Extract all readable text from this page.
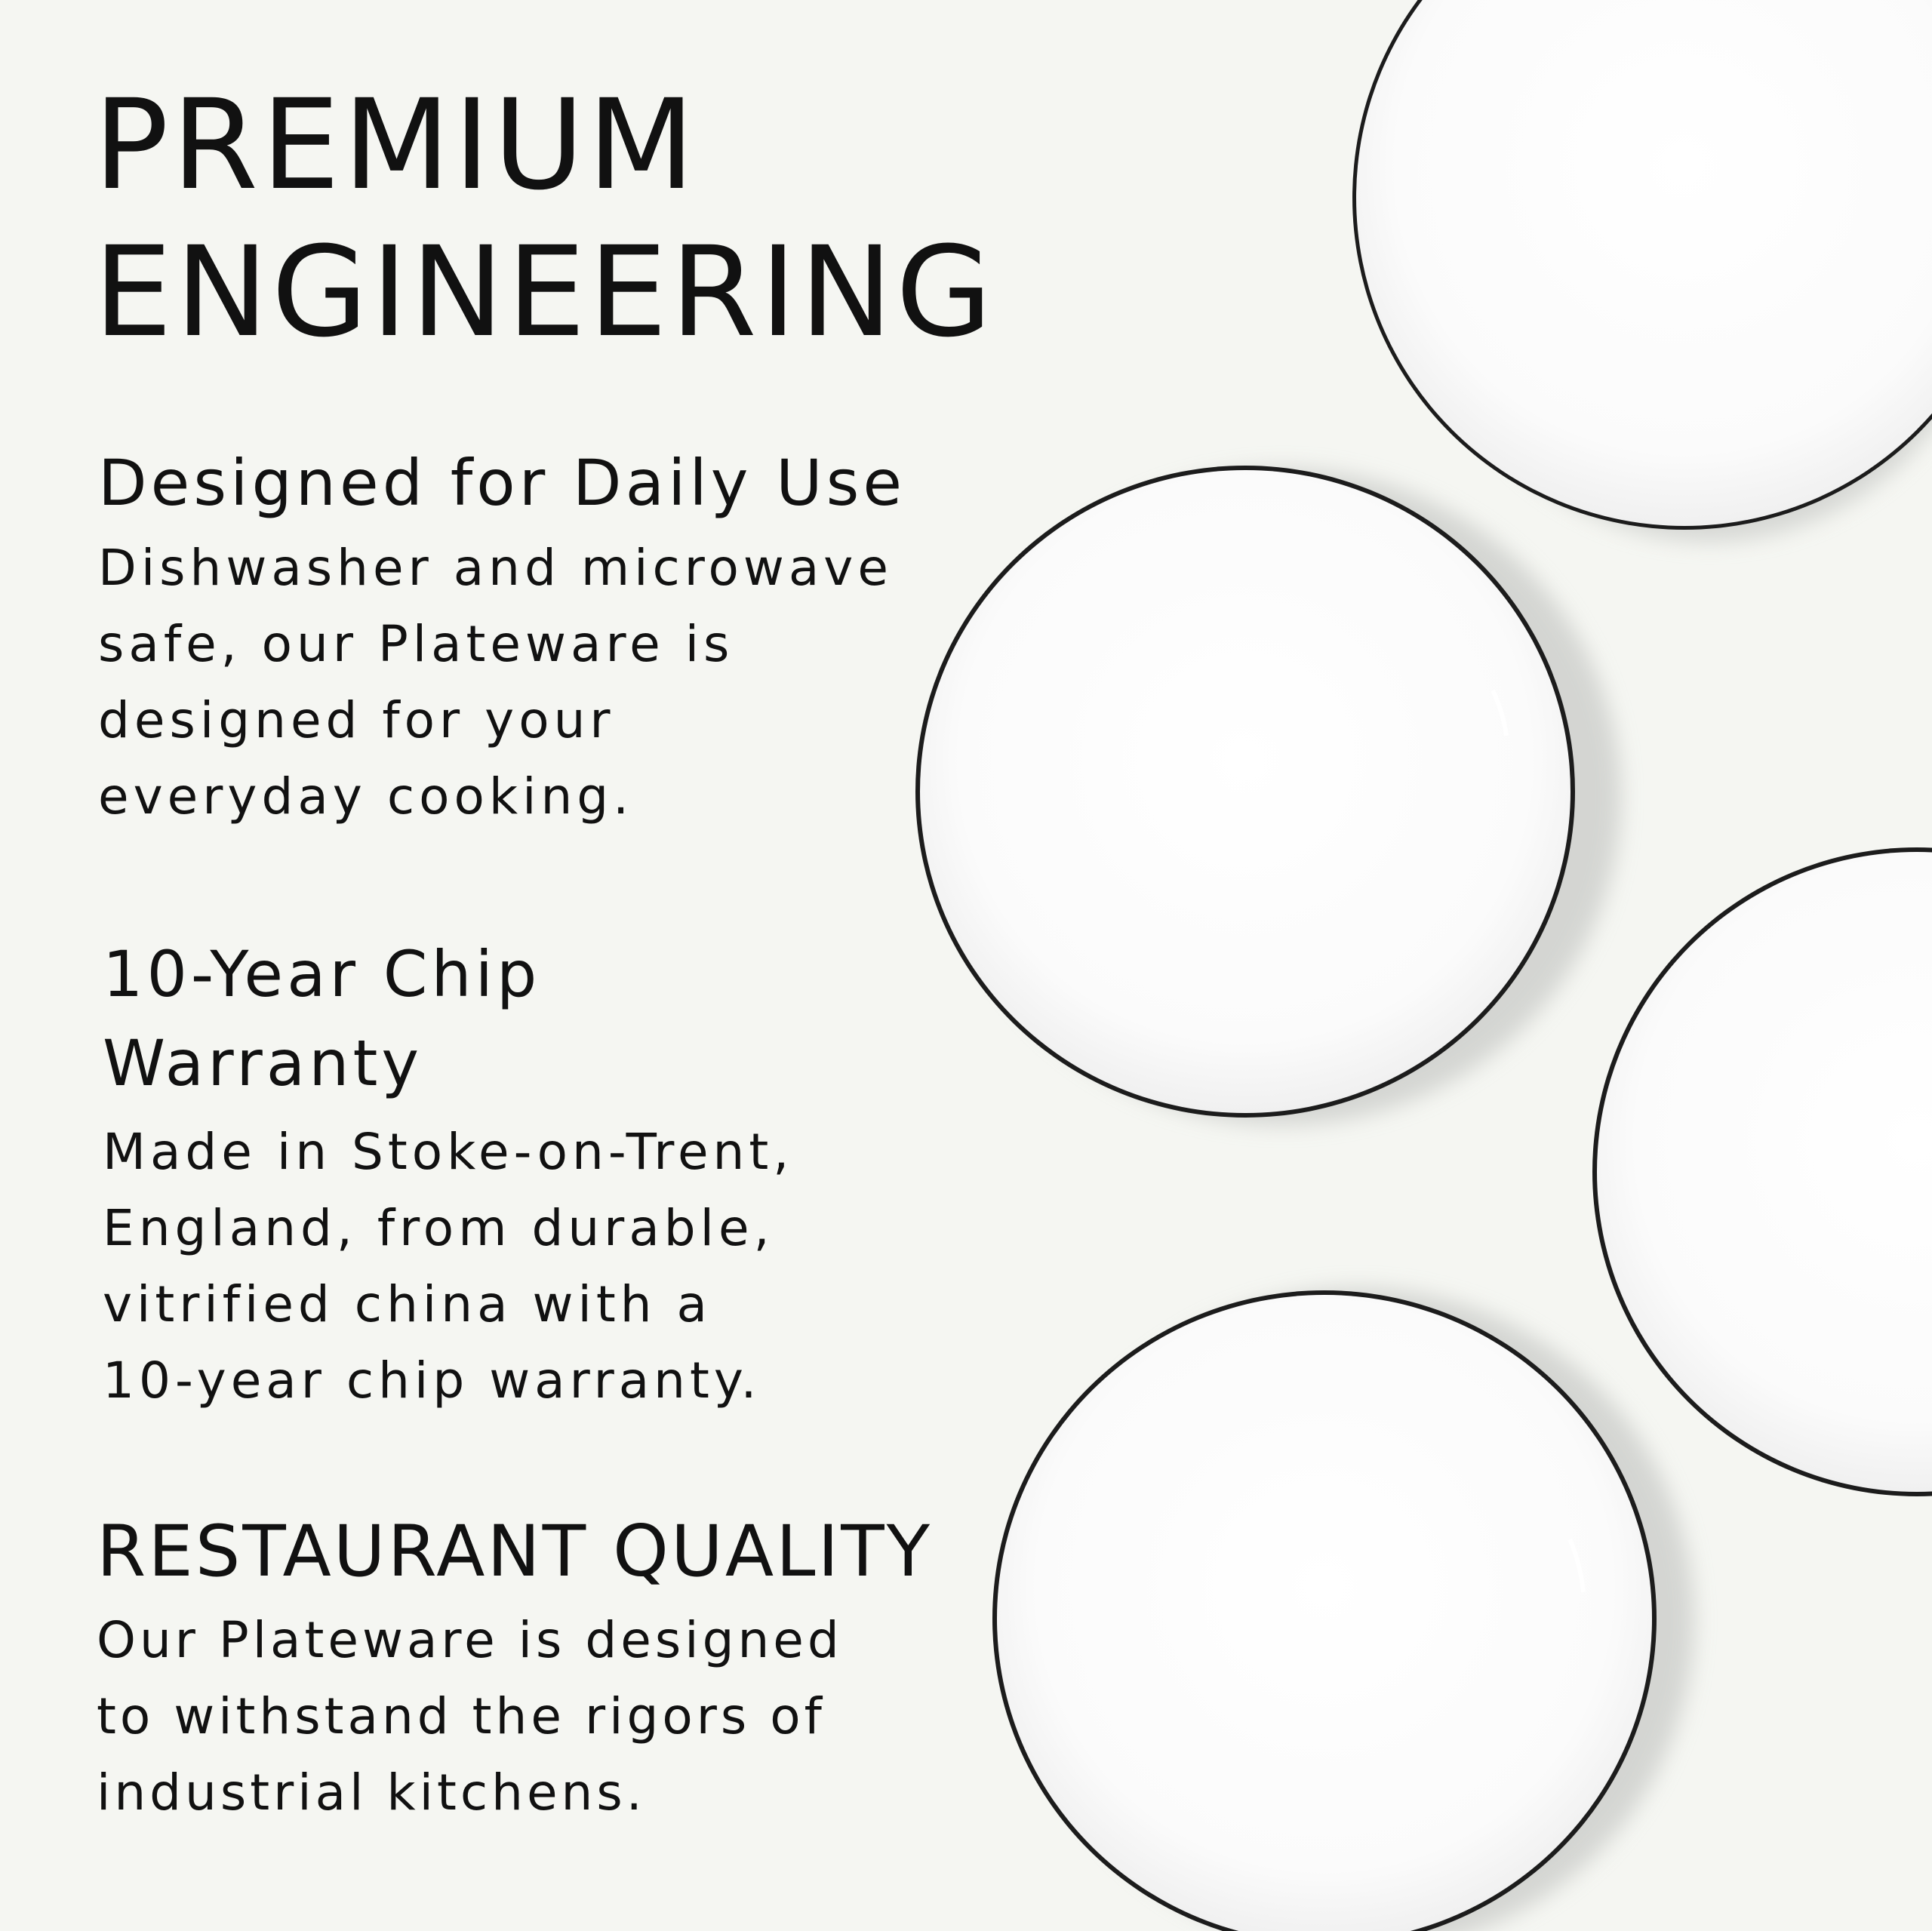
PREMIUM
ENGINEERING
Designed for Daily Use

Dishwasher and microwave
safe, our Plateware is
designed for your
everyday cooking.

10-Year Chip
Warranty

Made in Stoke-on-Trent,
England, from durable,
vitrified china with a
10-year chip warranty.

RESTAURANT QUALITY

Our Plateware is designed
to withstand the rigors of
industrial kitchens.
